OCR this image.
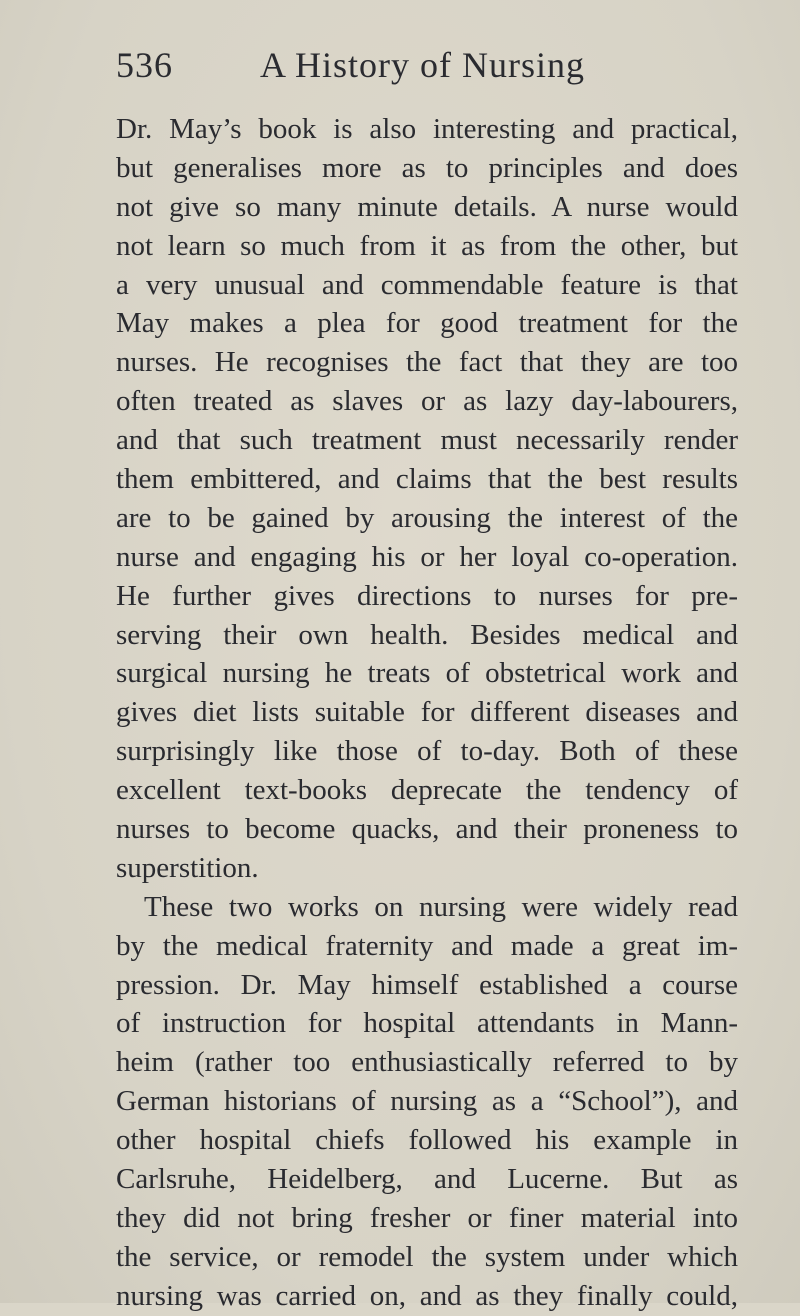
536 A History of Nursing
Dr. May’s book is also interesting and practical,
but generalises more as to principles and does
not give so many minute details. A nurse would
not learn so much from it as from the other, but
a very unusual and commendable feature is that
May makes a plea for good treatment for the
nurses. He recognises the fact that they are too
often treated as slaves or as lazy day-labourers,
and that such treatment must necessarily render
them embittered, and claims that the best results
are to be gained by arousing the interest of the
nurse and engaging his or her loyal co-operation.
He further gives directions to nurses for pre-
serving their own health. Besides medical and
surgical nursing he treats of obstetrical work and
gives diet lists suitable for different diseases and
surprisingly like those of to-day. Both of these
excellent text-books deprecate the tendency of
nurses to become quacks, and their proneness to
superstition.
These two works on nursing were widely read
by the medical fraternity and made a great im-
pression. Dr. May himself established a course
of instruction for hospital attendants in Mann-
heim (rather too enthusiastically referred to by
German historians of nursing as a “School”), and
other hospital chiefs followed his example in
Carlsruhe, Heidelberg, and Lucerne. But as
they did not bring fresher or finer material into
the service, or remodel the system under which
nursing was carried on, and as they finally could,
